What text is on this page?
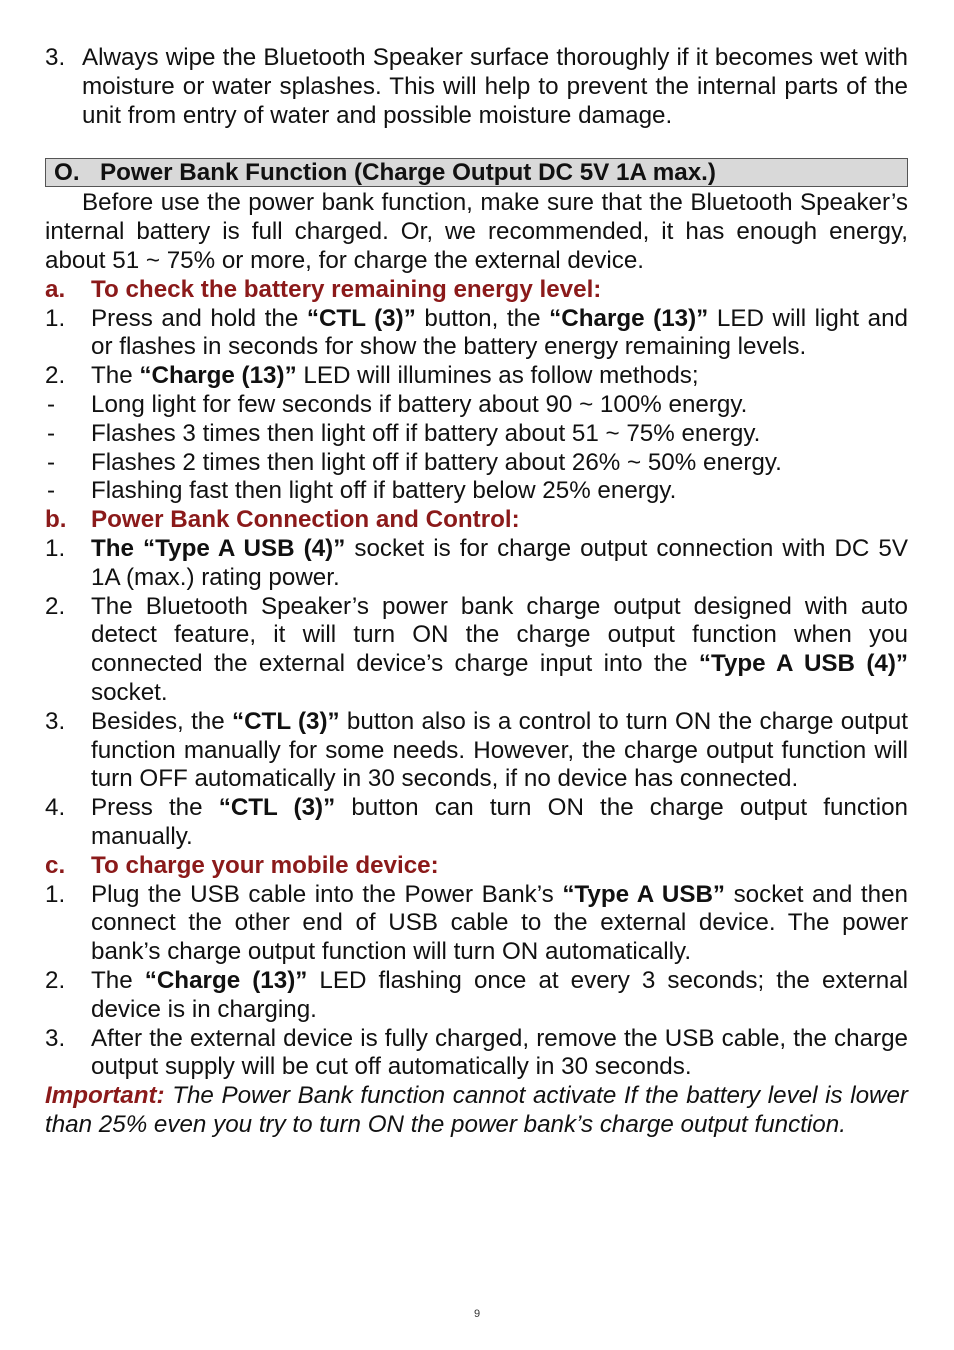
3. Always wipe the Bluetooth Speaker surface thoroughly if it becomes wet with moisture or water splashes. This will help to prevent the internal parts of the unit from entry of water and possible moisture damage.
O. Power Bank Function (Charge Output DC 5V 1A max.)
Before use the power bank function, make sure that the Bluetooth Speaker’s internal battery is full charged. Or, we recommended, it has enough energy, about 51 ~ 75% or more, for charge the external device.
a. To check the battery remaining energy level:
1. Press and hold the “CTL (3)” button, the “Charge (13)” LED will light and or flashes in seconds for show the battery energy remaining levels.
2. The “Charge (13)” LED will illumines as follow methods;
- Long light for few seconds if battery about 90 ~ 100% energy.
- Flashes 3 times then light off if battery about 51 ~ 75% energy.
- Flashes 2 times then light off if battery about 26% ~ 50% energy.
- Flashing fast then light off if battery below 25% energy.
b. Power Bank Connection and Control:
1. The “Type A USB (4)” socket is for charge output connection with DC 5V 1A (max.) rating power.
2. The Bluetooth Speaker’s power bank charge output designed with auto detect feature, it will turn ON the charge output function when you connected the external device’s charge input into the “Type A USB (4)” socket.
3. Besides, the “CTL (3)” button also is a control to turn ON the charge output function manually for some needs. However, the charge output function will turn OFF automatically in 30 seconds, if no device has connected.
4. Press the “CTL (3)” button can turn ON the charge output function manually.
c. To charge your mobile device:
1. Plug the USB cable into the Power Bank’s “Type A USB” socket and then connect the other end of USB cable to the external device. The power bank’s charge output function will turn ON automatically.
2. The “Charge (13)” LED flashing once at every 3 seconds; the external device is in charging.
3. After the external device is fully charged, remove the USB cable, the charge output supply will be cut off automatically in 30 seconds.
Important: The Power Bank function cannot activate If the battery level is lower than 25% even you try to turn ON the power bank’s charge output function.
9
